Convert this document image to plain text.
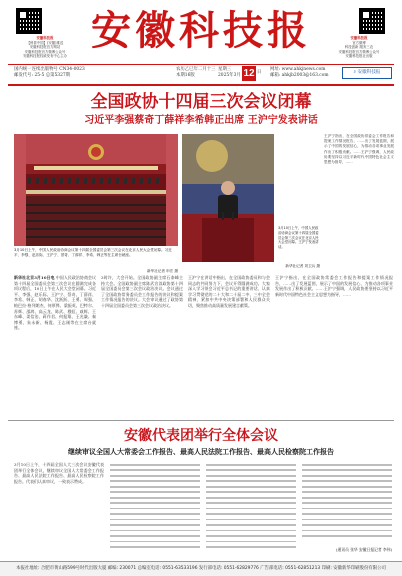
安徽科技报
【科普中国】(安徽)推送
安徽科技报官方网站
安徽科技报官方微博公众号
安徽科技报权威发布中心主办
安徽科技报
官方微博
科技创新 服务三农
安徽科技报官方微博公众号
安徽科技报社出版
安徽科技报
国内统一连续出版物号 CN34-0023
邮发代号: 25-5 总第5327期
农历乙巳年二月十三
本期16版
星期三
2025年3月 12 日
网址: www.ahkjnews.com
邮箱: ahkjb2003@163.com
⌕ 安徽科技报
全国政协十四届三次会议闭幕
习近平李强蔡奇丁薛祥李希韩正出席 王沪宁发表讲话
3月10日上午，中国人民政治协商会议第十四届全国委员会第三次会议在北京人民大会堂闭幕。习近平、李强、赵乐际、王沪宁、蔡奇、丁薛祥、李希、韩正等在主席台就座。
新华社记者 申宏 摄
3月10日上午，中国人民政治协商会议第十四届全国委员会第三次会议在北京人民大会堂闭幕。王沪宁发表讲话。
新华社记者 刘卫兵 摄
王沪宁指出，在全国政协常委会工作报告和提案工作情况报告，……出了发展蓝图，展示了中国的发展信心，为推动各项事业发展作出了积极贡献。……王沪宁强调，人民政协要坚持以习近平新时代中国特色社会主义思想为指导，……
新华社北京3月10日电 中国人民政治协商会议第十四届全国委员会第三次会议在圆满完成各项议程后，10日上午在人民大会堂闭幕。习近平、李强、赵乐际、王沪宁、蔡奇、丁薛祥、李希、韩正、胡春华、沈跃跃、王勇、周强、帕巴拉·格列朗杰、何厚铧、梁振英、巴特尔、苏辉、邵鸿、高云龙、陈武、穆虹、咸辉、王东峰、姜信治、蒋作君、何报翔、王光谦、秦博勇、朱永新、杨震、王志刚等在主席台就座。
3时许，大会开始。全国政协副主席石泰峰主持大会。全国政协副主席陈武宣读政协第十四届全国委员会第三次会议政治决议。会议通过了全国政协常务委员会工作报告的决议和提案工作情况报告的决议。大会审议通过了政协第十四届全国委员会第三次会议政治决议。
王沪宁在讲话中指出，在全国政协委员和与会同志的共同努力下，会议开得圆满成功。大家深入学习领会习近平总书记的重要讲话，认真学习贯彻党的二十大和二十届二中、三中全会精神，紧扣中共中央决策部署和人民群众关切，聚焦推动高质量发展建言献策。
王沪宁指出，在全国政协常委会工作报告和提案工作情况报告，……出了发展蓝图，展示了中国的发展信心，为推动各项事业发展作出了积极贡献。……王沪宁强调，人民政协要坚持以习近平新时代中国特色社会主义思想为指导，……
安徽代表团举行全体会议
继续审议全国人大常委会工作报告、最高人民法院工作报告、最高人民检察院工作报告
3月10日上午，十四届全国人大三次会议安徽代表团举行全体会议，继续审议全国人大常委会工作报告、最高人民法院工作报告、最高人民检察院工作报告。代表们认真审议，一致表示赞成。
(通讯员 张华 安徽日报记者 李伟)
本报社地址: 合肥市黄山路599号时代出版大厦 邮编: 230071 总编室电话: 0551-63533196 发行部电话: 0551-62829776 广告部电话: 0551-62851213 印刷: 安徽新华印刷股份有限公司
